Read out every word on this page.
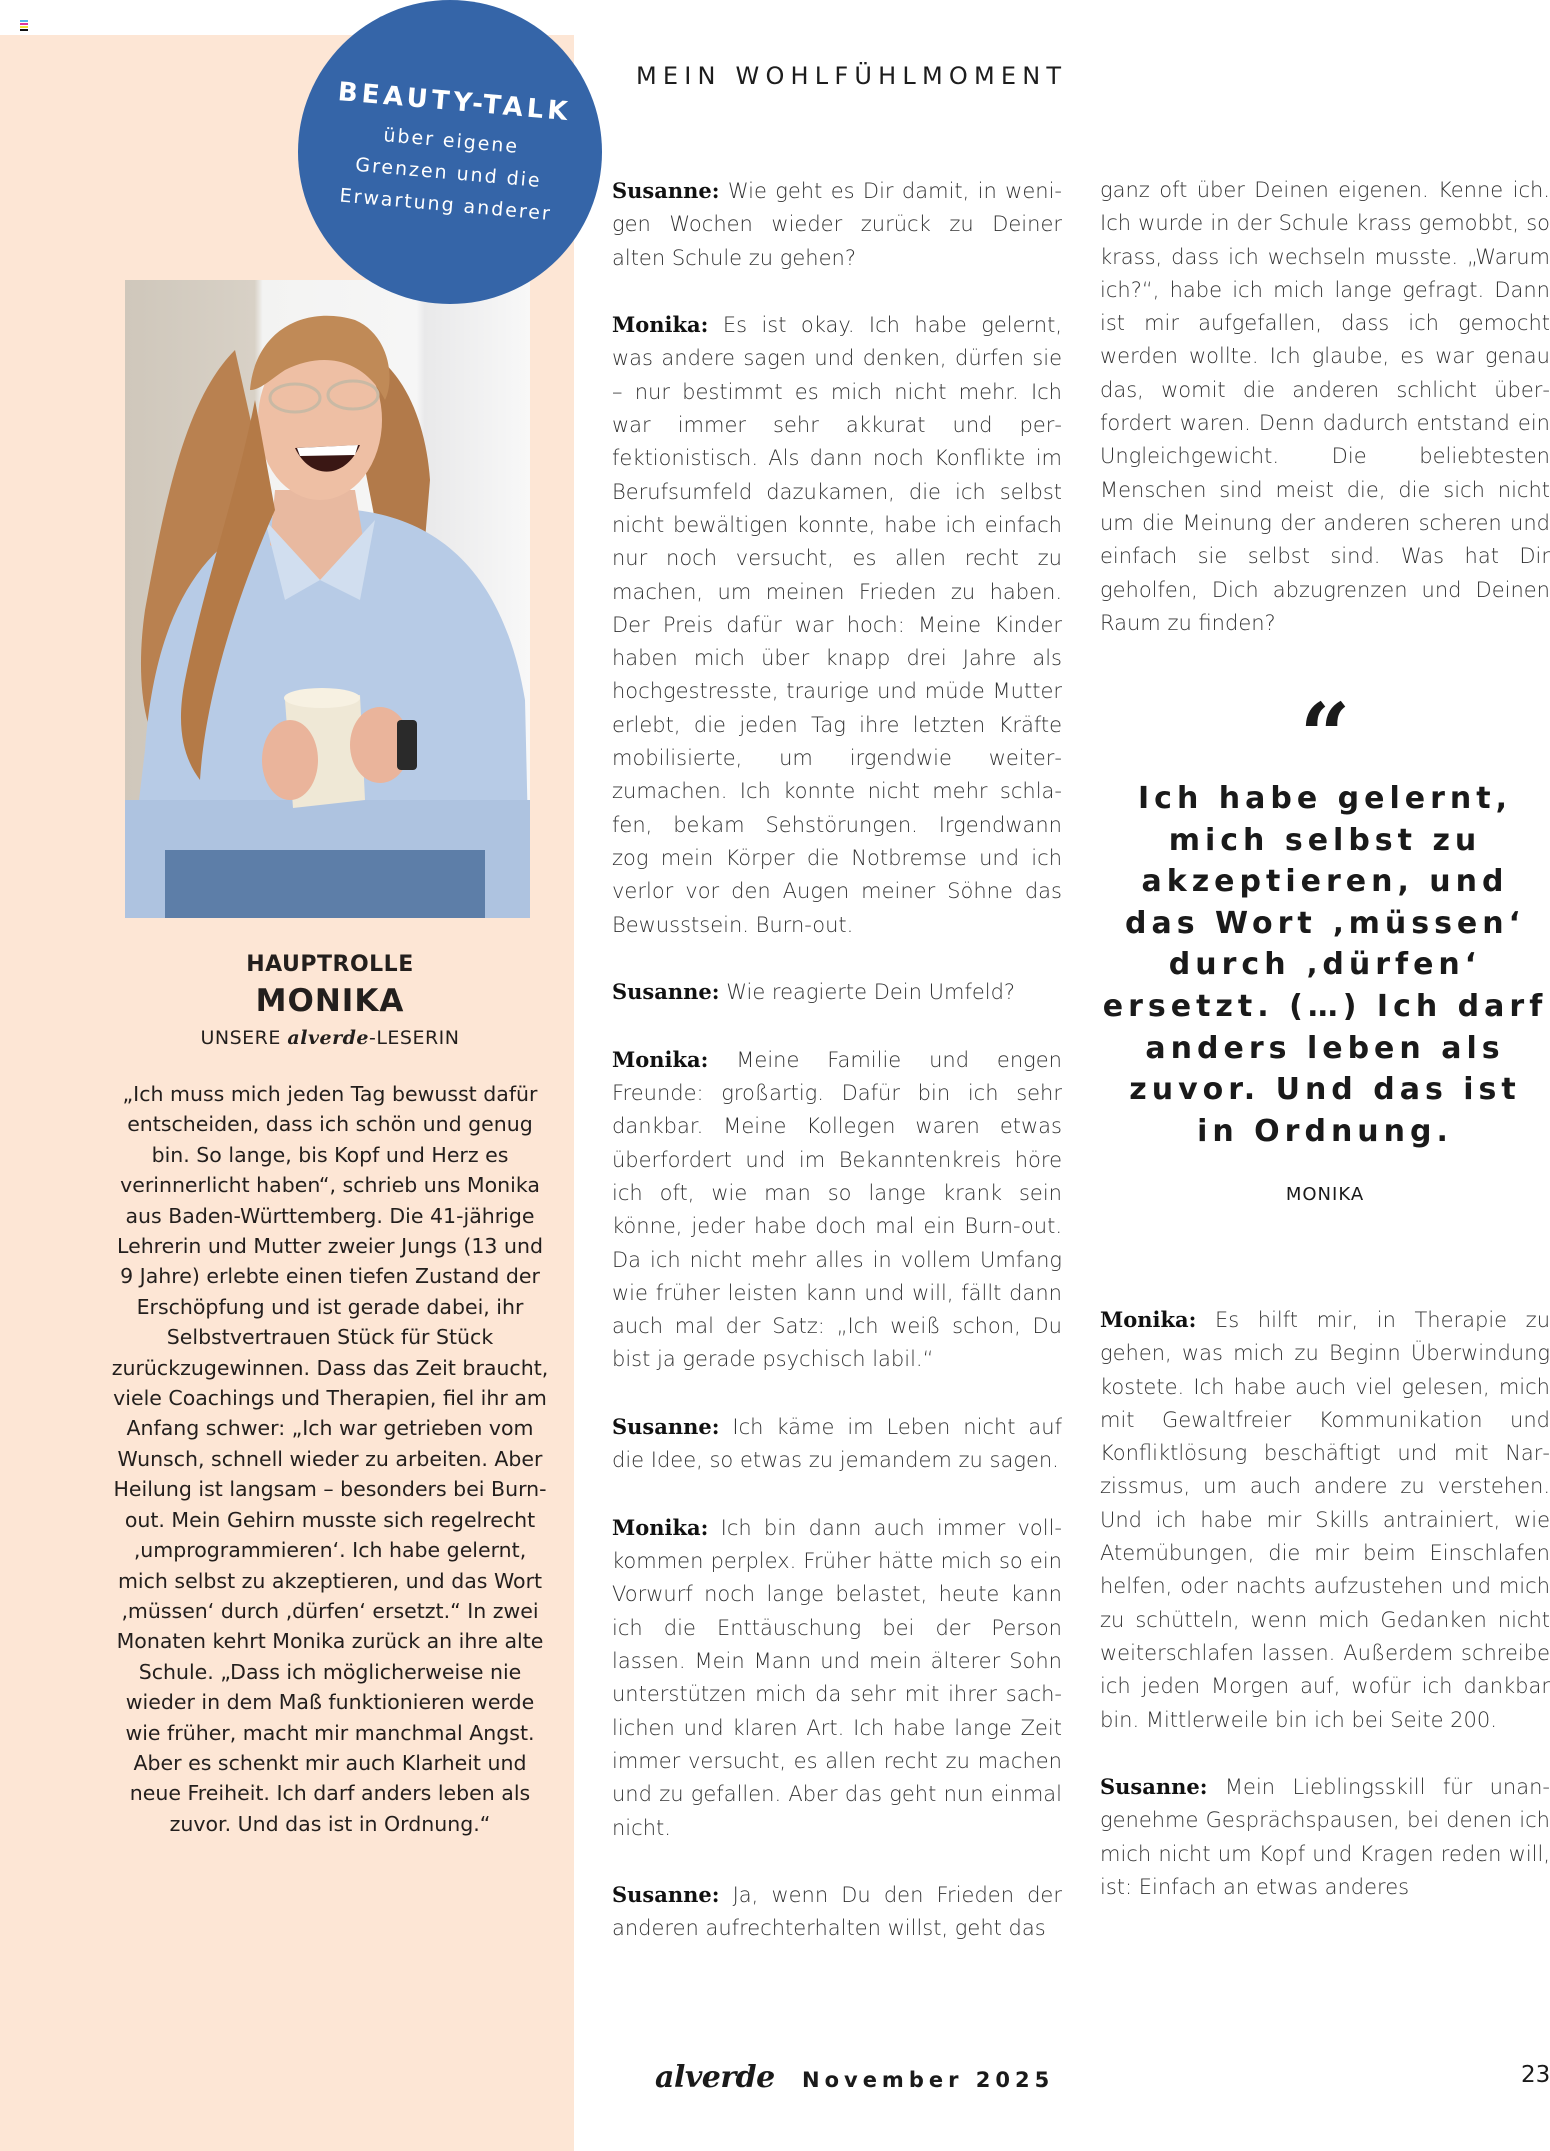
BEAUTY-TALK
über eigene
Grenzen und die
Erwartung anderer
HAUPTROLLE
MONIKA
UNSERE alverde-LESERIN
„Ich muss mich jeden Tag bewusst dafür entscheiden, dass ich schön und genug bin. So lange, bis Kopf und Herz es verinnerlicht haben“, schrieb uns Monika aus Baden-Württemberg. Die 41-jährige Lehrerin und Mutter zweier Jungs (13 und 9 Jahre) erlebte einen tiefen Zustand der Erschöpfung und ist gerade dabei, ihr Selbstvertrauen Stück für Stück zurückzugewinnen. Dass das Zeit braucht, viele Coachings und Therapien, fiel ihr am Anfang schwer: „Ich war getrieben vom Wunsch, schnell wieder zu arbeiten. Aber Heilung ist langsam – besonders bei Burn-out. Mein Gehirn musste sich regelrecht ‚umprogrammieren‘. Ich habe gelernt, mich selbst zu akzeptieren, und das Wort ‚müssen‘ durch ‚dürfen‘ ersetzt.“ In zwei Monaten kehrt Monika zurück an ihre alte Schule. „Dass ich möglicherweise nie wieder in dem Maß funktionieren werde wie früher, macht mir manchmal Angst. Aber es schenkt mir auch Klarheit und neue Freiheit. Ich darf anders leben als zuvor. Und das ist in Ordnung.“
MEIN WOHLFÜHLMOMENT

Susanne: Wie geht es Dir damit, in wenigen Wochen wieder zurück zu Deiner alten Schule zu gehen?

Monika: Es ist okay. Ich habe gelernt, was andere sagen und denken, dürfen sie – nur bestimmt es mich nicht mehr. Ich war immer sehr akkurat und perfektionistisch. Als dann noch Konflikte im Berufsumfeld dazukamen, die ich selbst nicht bewältigen konnte, habe ich einfach nur noch versucht, es allen recht zu machen, um meinen Frieden zu haben. Der Preis dafür war hoch: Meine Kinder haben mich über knapp drei Jahre als hochgestresste, traurige und müde Mutter erlebt, die jeden Tag ihre letzten Kräfte mobilisierte, um irgendwie weiterzumachen. Ich konnte nicht mehr schlafen, bekam Sehstörungen. Irgendwann zog mein Körper die Notbremse und ich verlor vor den Augen meiner Söhne das Bewusstsein. Burn-out.

Susanne: Wie reagierte Dein Umfeld?

Monika: Meine Familie und engen Freunde: großartig. Dafür bin ich sehr dankbar. Meine Kollegen waren etwas überfordert und im Bekanntenkreis höre ich oft, wie man so lange krank sein könne, jeder habe doch mal ein Burn-out. Da ich nicht mehr alles in vollem Umfang wie früher leisten kann und will, fällt dann auch mal der Satz: „Ich weiß schon, Du bist ja gerade psychisch labil.“

Susanne: Ich käme im Leben nicht auf die Idee, so etwas zu jemandem zu sagen.

Monika: Ich bin dann auch immer vollkommen perplex. Früher hätte mich so ein Vorwurf noch lange belastet, heute kann ich die Enttäuschung bei der Person lassen. Mein Mann und mein älterer Sohn unterstützen mich da sehr mit ihrer sachlichen und klaren Art. Ich habe lange Zeit immer versucht, es allen recht zu machen und zu gefallen. Aber das geht nun einmal nicht.

Susanne: Ja, wenn Du den Frieden der anderen aufrechterhalten willst, geht das

ganz oft über Deinen eigenen. Kenne ich. Ich wurde in der Schule krass gemobbt, so krass, dass ich wechseln musste. „Warum ich?“, habe ich mich lange gefragt. Dann ist mir aufgefallen, dass ich gemocht werden wollte. Ich glaube, es war genau das, womit die anderen schlicht überfordert waren. Denn dadurch entstand ein Ungleichgewicht. Die beliebtesten Menschen sind meist die, die sich nicht um die Meinung der anderen scheren und einfach sie selbst sind. Was hat Dir geholfen, Dich abzugrenzen und Deinen Raum zu finden?

“
Ich habe gelernt,
mich selbst zu
akzeptieren, und
das Wort ‚müssen‘
durch ‚dürfen‘
ersetzt. (…) Ich darf
anders leben als
zuvor. Und das ist
in Ordnung.
MONIKA

Monika: Es hilft mir, in Therapie zu gehen, was mich zu Beginn Überwindung kostete. Ich habe auch viel gelesen, mich mit Gewaltfreier Kommunikation und Konfliktlösung beschäftigt und mit Narzissmus, um auch andere zu verstehen. Und ich habe mir Skills antrainiert, wie Atemübungen, die mir beim Einschlafen helfen, oder nachts aufzustehen und mich zu schütteln, wenn mich Gedanken nicht weiterschlafen lassen. Außerdem schreibe ich jeden Morgen auf, wofür ich dankbar bin. Mittlerweile bin ich bei Seite 200.

Susanne: Mein Lieblingsskill für unangenehme Gesprächspausen, bei denen ich mich nicht um Kopf und Kragen reden will, ist: Einfach an etwas anderes

alverde November 2025	23
